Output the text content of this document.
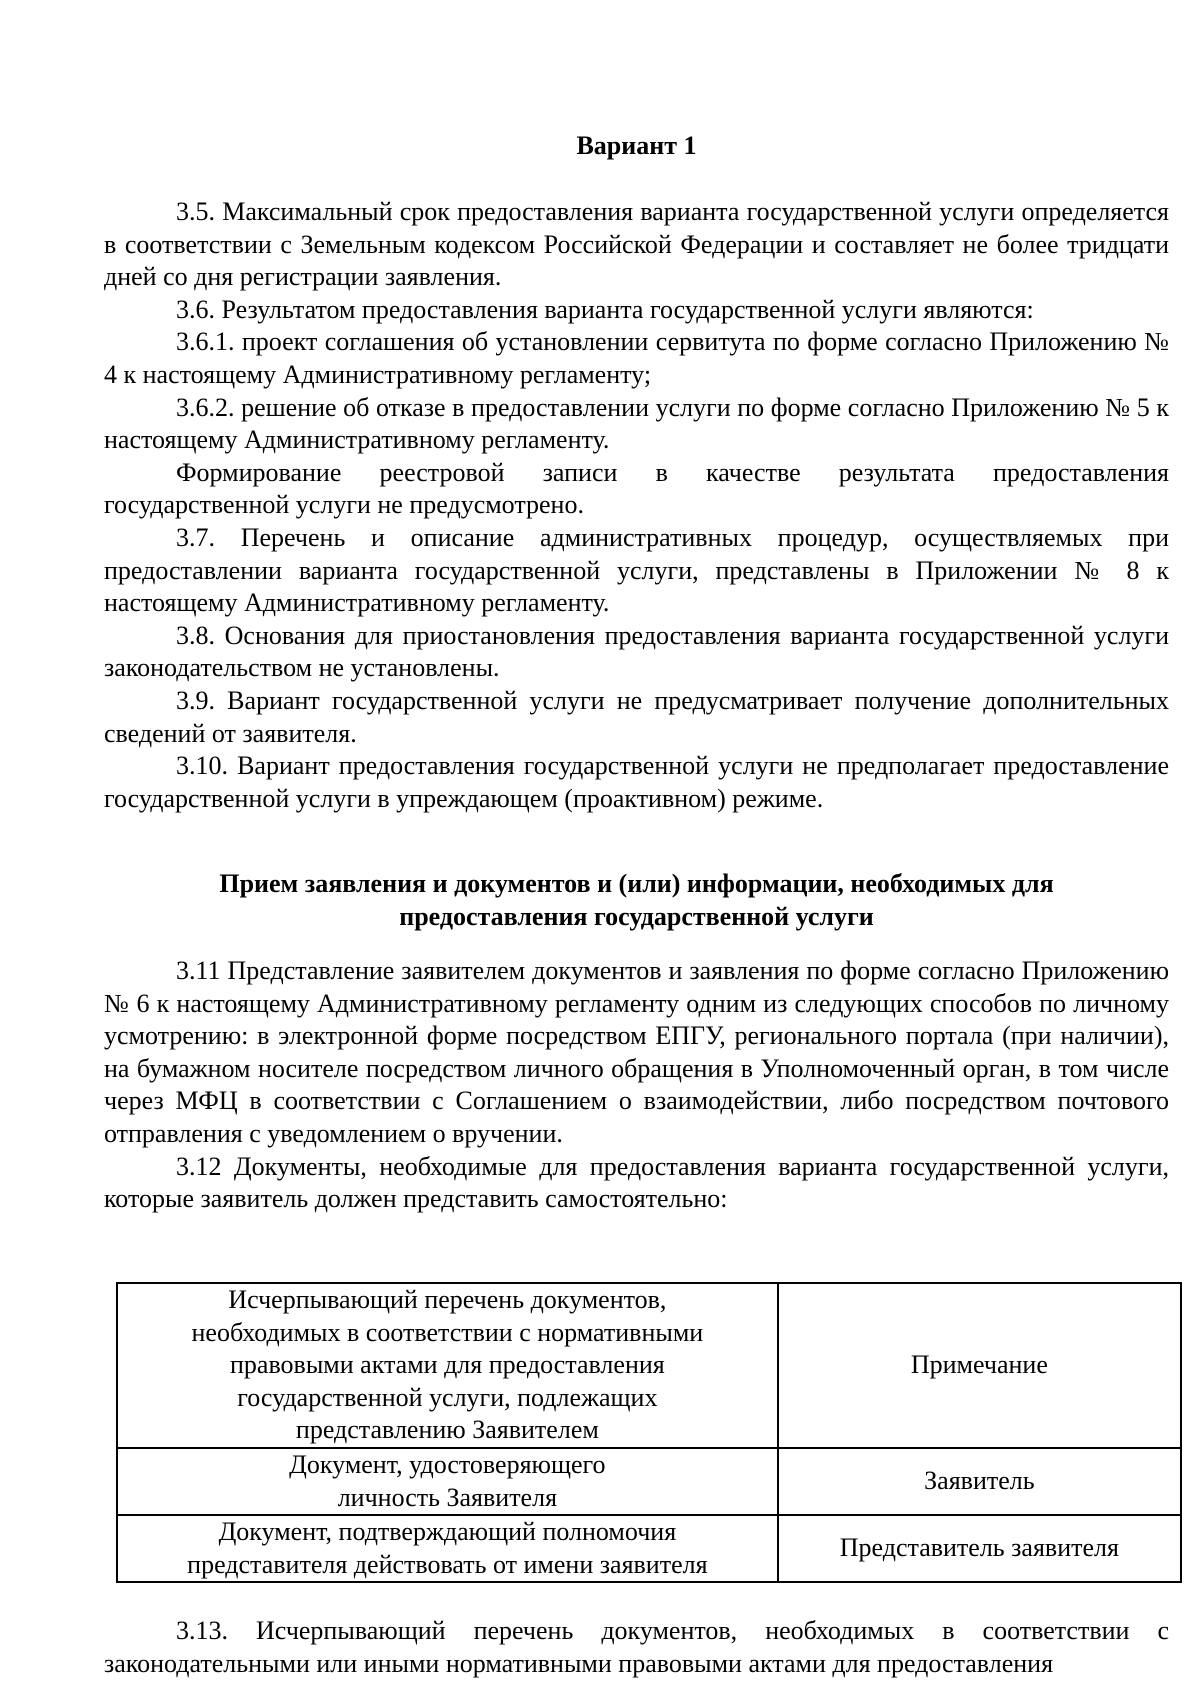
Вариант 1

3.5. Максимальный срок предоставления варианта государственной услуги определяется в соответствии с Земельным кодексом Российской Федерации и составляет не более тридцати дней со дня регистрации заявления.

3.6. Результатом предоставления варианта государственной услуги являются:

3.6.1. проект соглашения об установлении сервитута по форме согласно Приложению № 4 к настоящему Административному регламенту;

3.6.2. решение об отказе в предоставлении услуги по форме согласно Приложению № 5 к настоящему Административному регламенту.

Формирование реестровой записи в качестве результата предоставления государственной услуги не предусмотрено.

3.7. Перечень и описание административных процедур, осуществляемых при предоставлении варианта государственной услуги, представлены в Приложении № 8 к настоящему Административному регламенту.

3.8. Основания для приостановления предоставления варианта государственной услуги законодательством не установлены.

3.9. Вариант государственной услуги не предусматривает получение дополнительных сведений от заявителя.

3.10. Вариант предоставления государственной услуги не предполагает предоставление государственной услуги в упреждающем (проактивном) режиме.

Прием заявления и документов и (или) информации, необходимых для
предоставления государственной услуги

3.11 Представление заявителем документов и заявления по форме согласно Приложению № 6 к настоящему Административному регламенту одним из следующих способов по личному усмотрению: в электронной форме посредством ЕПГУ, регионального портала (при наличии), на бумажном носителе посредством личного обращения в Уполномоченный орган, в том числе через МФЦ в соответствии с Соглашением о взаимодействии, либо посредством почтового отправления с уведомлением о вручении.

3.12 Документы, необходимые для предоставления варианта государственной услуги, которые заявитель должен представить самостоятельно:

Исчерпывающий перечень документов, необходимых в соответствии с нормативными правовыми актами для предоставления государственной услуги, подлежащих представлению Заявителем	Примечание

Документ, удостоверяющего личность Заявителя	Заявитель

Документ, подтверждающий полномочия представителя действовать от имени заявителя	Представитель заявителя

3.13. Исчерпывающий перечень документов, необходимых в соответствии с законодательными или иными нормативными правовыми актами для предоставления
